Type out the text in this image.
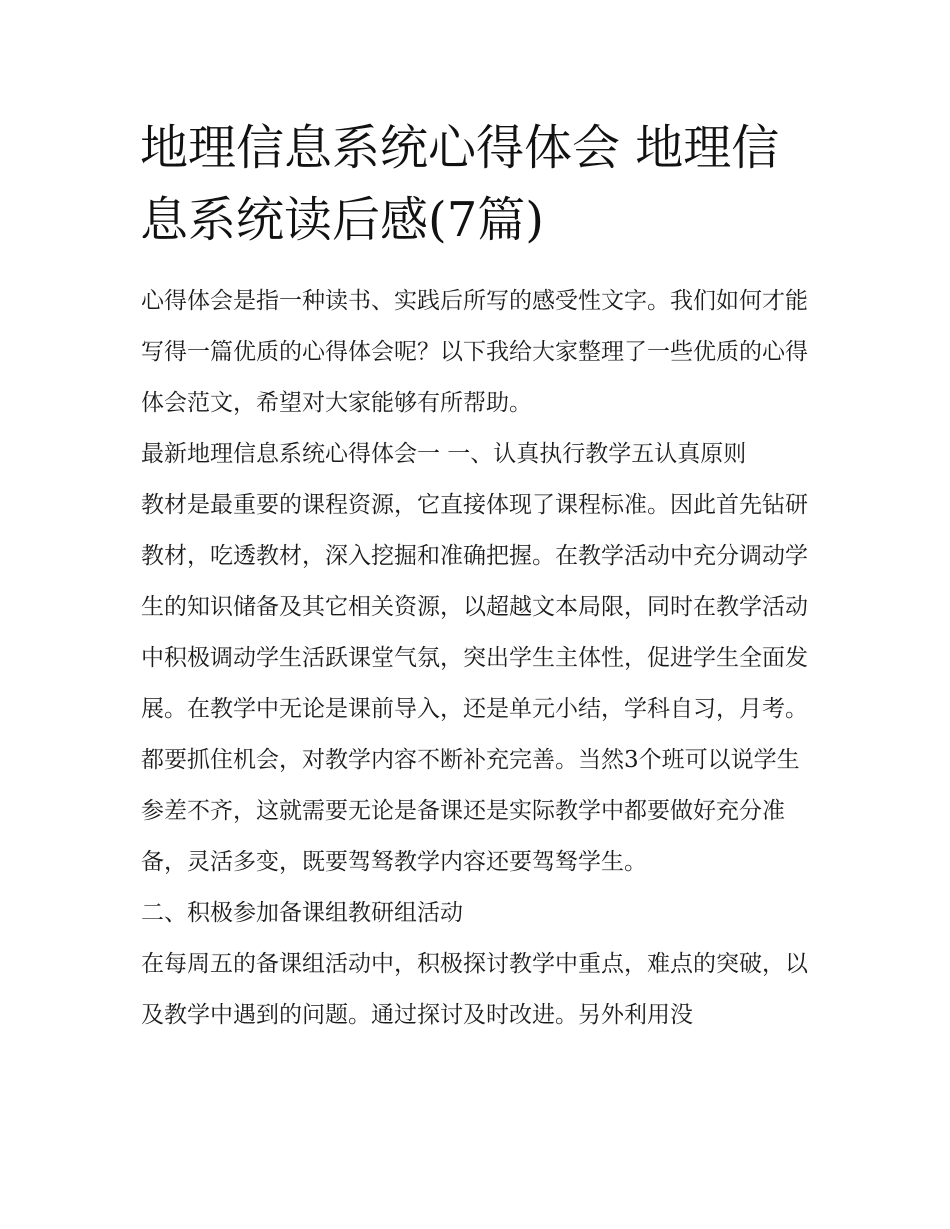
地理信息系统心得体会 地理信息系统读后感(7篇)

心得体会是指一种读书、实践后所写的感受性文字。我们如何才能写得一篇优质的心得体会呢？以下我给大家整理了一些优质的心得体会范文，希望对大家能够有所帮助。

最新地理信息系统心得体会一 一、认真执行教学五认真原则

教材是最重要的课程资源，它直接体现了课程标准。因此首先钻研教材，吃透教材，深入挖掘和准确把握。在教学活动中充分调动学生的知识储备及其它相关资源，以超越文本局限，同时在教学活动中积极调动学生活跃课堂气氛，突出学生主体性，促进学生全面发展。在教学中无论是课前导入，还是单元小结，学科自习，月考。都要抓住机会，对教学内容不断补充完善。当然3个班可以说学生参差不齐，这就需要无论是备课还是实际教学中都要做好充分准备，灵活多变，既要驾驽教学内容还要驾驽学生。

二、积极参加备课组教研组活动

在每周五的备课组活动中，积极探讨教学中重点，难点的突破，以及教学中遇到的问题。通过探讨及时改进。另外利用没
